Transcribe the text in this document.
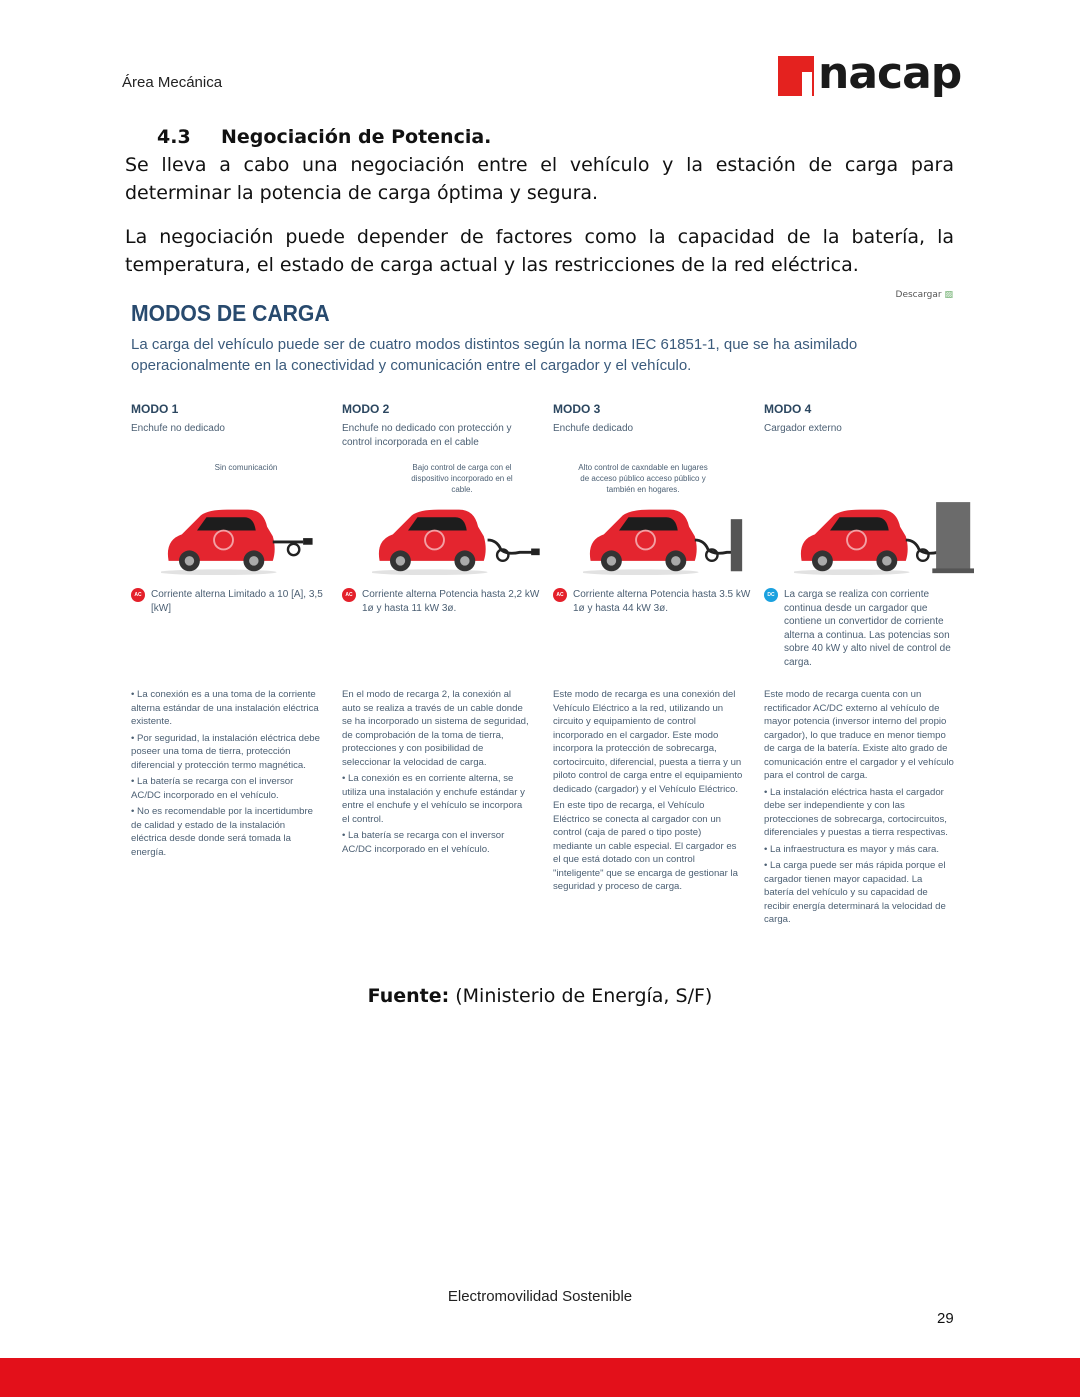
Área Mecánica	nacap
4.3 Negociación de Potencia.
Se lleva a cabo una negociación entre el vehículo y la estación de carga para determinar la potencia de carga óptima y segura.
La negociación puede depender de factores como la capacidad de la batería, la temperatura, el estado de carga actual y las restricciones de la red eléctrica.
Descargar ▨
MODOS DE CARGA
La carga del vehículo puede ser de cuatro modos distintos según la norma IEC 61851-1, que se ha asimilado operacionalmente en la conectividad y comunicación entre el cargador y el vehículo.
MODO 1
Enchufe no dedicado
Sin comunicación
AC Corriente alterna Limitado a 10 [A], 3,5 [kW]

• La conexión es a una toma de la corriente alterna estándar de una instalación eléctrica existente.

• Por seguridad, la instalación eléctrica debe poseer una toma de tierra, protección diferencial y protección termo magnética.

• La batería se recarga con el inversor AC/DC incorporado en el vehículo.

• No es recomendable por la incertidumbre de calidad y estado de la instalación eléctrica desde donde será tomada la energía.

MODO 2
Enchufe no dedicado con protección y control incorporada en el cable
Bajo control de carga con el dispositivo incorporado en el cable.
AC Corriente alterna Potencia hasta 2,2 kW 1ø y hasta 11 kW 3ø.

En el modo de recarga 2, la conexión al auto se realiza a través de un cable donde se ha incorporado un sistema de seguridad, de comprobación de la toma de tierra, protecciones y con posibilidad de seleccionar la velocidad de carga.

• La conexión es en corriente alterna, se utiliza una instalación y enchufe estándar y entre el enchufe y el vehículo se incorpora el control.

• La batería se recarga con el inversor AC/DC incorporado en el vehículo.

MODO 3
Enchufe dedicado
Alto control de caxndable en lugares de acceso público acceso público y también en hogares.
AC Corriente alterna Potencia hasta 3.5 kW 1ø y hasta 44 kW 3ø.

Este modo de recarga es una conexión del Vehículo Eléctrico a la red, utilizando un circuito y equipamiento de control incorporado en el cargador. Este modo incorpora la protección de sobrecarga, cortocircuito, diferencial, puesta a tierra y un piloto control de carga entre el equipamiento dedicado (cargador) y el Vehículo Eléctrico.

En este tipo de recarga, el Vehículo Eléctrico se conecta al cargador con un control (caja de pared o tipo poste) mediante un cable especial. El cargador es el que está dotado con un control "inteligente" que se encarga de gestionar la seguridad y proceso de carga.

MODO 4
Cargador externo
DC La carga se realiza con corriente continua desde un cargador que contiene un convertidor de corriente alterna a continua. Las potencias son sobre 40 kW y alto nivel de control de carga.

Este modo de recarga cuenta con un rectificador AC/DC externo al vehículo de mayor potencia (inversor interno del propio cargador), lo que traduce en menor tiempo de carga de la batería. Existe alto grado de comunicación entre el cargador y el vehículo para el control de carga.

• La instalación eléctrica hasta el cargador debe ser independiente y con las protecciones de sobrecarga, cortocircuitos, diferenciales y puestas a tierra respectivas.

• La infraestructura es mayor y más cara.

• La carga puede ser más rápida porque el cargador tienen mayor capacidad. La batería del vehículo y su capacidad de recibir energía determinará la velocidad de carga.

Fuente: (Ministerio de Energía, S/F)
Electromovilidad Sostenible
29
